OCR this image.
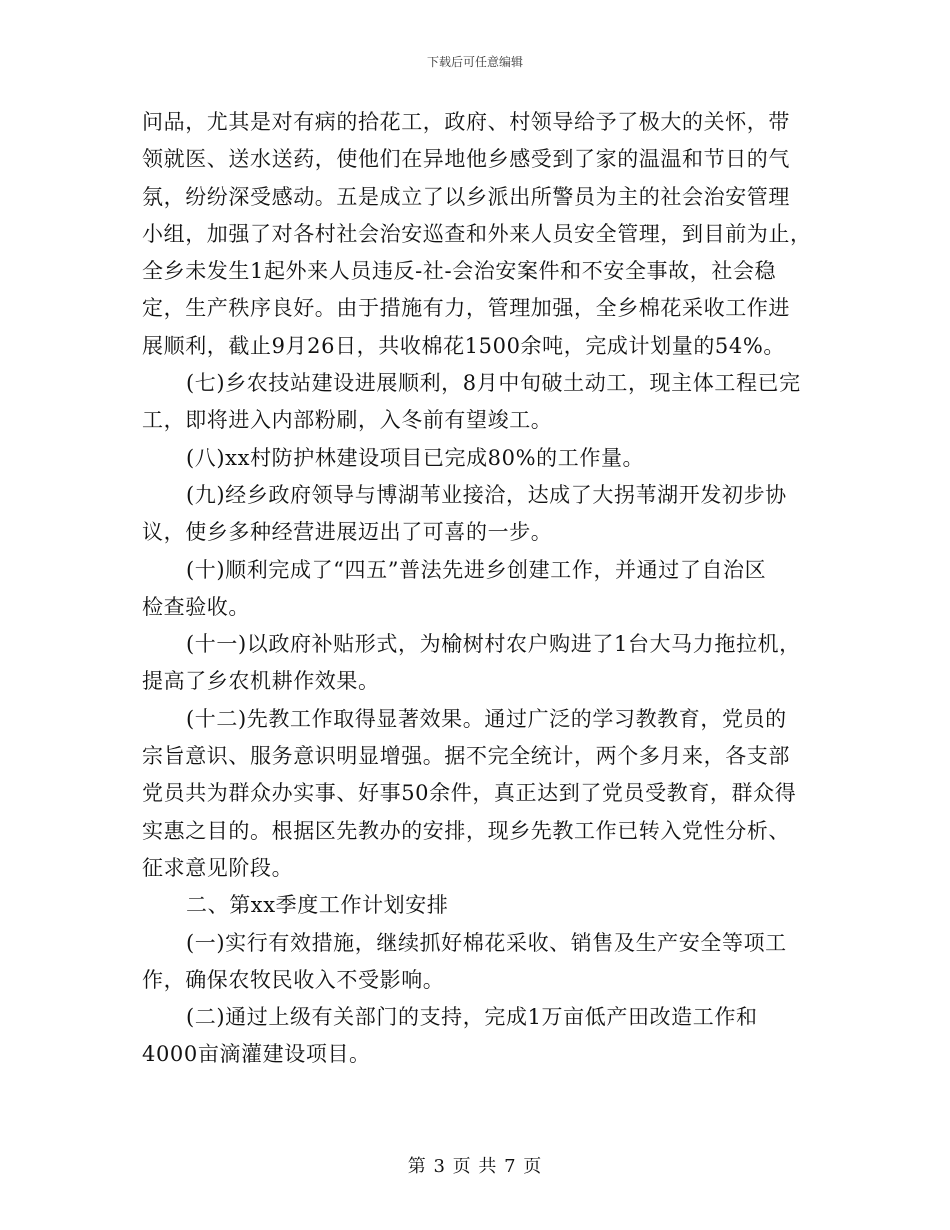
下载后可任意编辑
问品，尤其是对有病的拾花工，政府、村领导给予了极大的关怀，带
领就医、送水送药，使他们在异地他乡感受到了家的温温和节日的气
氛，纷纷深受感动。五是成立了以乡派出所警员为主的社会治安管理
小组，加强了对各村社会治安巡查和外来人员安全管理，到目前为止，
全乡未发生1起外来人员违反-社-会治安案件和不安全事故，社会稳
定，生产秩序良好。由于措施有力，管理加强，全乡棉花采收工作进
展顺利，截止9月26日，共收棉花1500余吨，完成计划量的54%。
(七)乡农技站建设进展顺利，8月中旬破土动工，现主体工程已完
工，即将进入内部粉刷，入冬前有望竣工。
(八)xx村防护林建设项目已完成80%的工作量。
(九)经乡政府领导与博湖苇业接洽，达成了大拐苇湖开发初步协
议，使乡多种经营进展迈出了可喜的一步。
(十)顺利完成了“四五”普法先进乡创建工作，并通过了自治区
检查验收。
(十一)以政府补贴形式，为榆树村农户购进了1台大马力拖拉机，
提高了乡农机耕作效果。
(十二)先教工作取得显著效果。通过广泛的学习教教育，党员的
宗旨意识、服务意识明显增强。据不完全统计，两个多月来，各支部
党员共为群众办实事、好事50余件，真正达到了党员受教育，群众得
实惠之目的。根据区先教办的安排，现乡先教工作已转入党性分析、
征求意见阶段。
二、第xx季度工作计划安排
(一)实行有效措施，继续抓好棉花采收、销售及生产安全等项工
作，确保农牧民收入不受影响。
(二)通过上级有关部门的支持，完成1万亩低产田改造工作和
4000亩滴灌建设项目。
第 3 页 共 7 页
